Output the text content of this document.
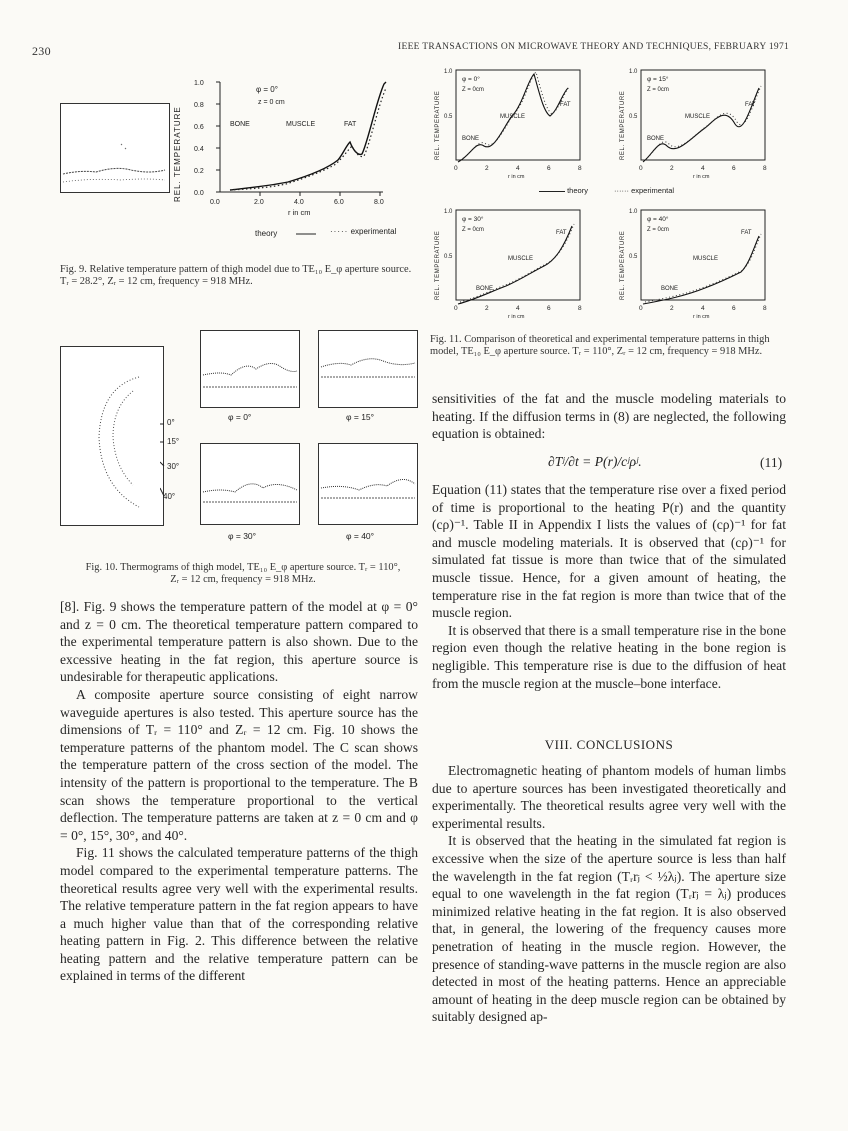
230	IEEE TRANSACTIONS ON MICROWAVE THEORY AND TECHNIQUES, FEBRUARY 1971
REL. TEMPERATURE
1.0
0.8
0.6
0.4
0.2
0.0
0.0	2.0	4.0	6.0	8.0
r in cm
φ = 0°
z = 0 cm
BONE	MUSCLE	FAT
theory	····· experimental
Fig. 9. Relative temperature pattern of thigh model due to TE₁₀ E_φ aperture source. Tᵣ = 28.2°, Zᵣ = 12 cm, frequency = 918 MHz.
0°
15°
30°
40°
φ = 0°	φ = 15°
φ = 30°	φ = 40°
Fig. 10. Thermograms of thigh model, TE₁₀ E_φ aperture source. Tᵣ = 110°, Zᵣ = 12 cm, frequency = 918 MHz.
REL. TEMPERATURE
1.0
0.5
0	2	4	6	8
r in cm
φ = 0°
Z = 0cm
MUSCLE
FAT
BONE	REL. TEMPERATURE
1.0
0.5
0	2	4	6	8
r in cm
φ = 15°
Z = 0cm
MUSCLE
FAT
BONE
REL. TEMPERATURE
1.0
0.5
0	2	4	6	8
r in cm
φ = 30°
Z = 0cm
MUSCLE
FAT
BONE	REL. TEMPERATURE
1.0
0.5
0	2	4	6	8
r in cm
φ = 40°
Z = 0cm
MUSCLE
FAT
BONE
theory	······ experimental
Fig. 11. Comparison of theoretical and experimental temperature patterns in thigh model, TE₁₀ E_φ aperture source. Tᵣ = 110°, Zᵣ = 12 cm, frequency = 918 MHz.

[8]. Fig. 9 shows the temperature pattern of the model at φ = 0° and z = 0 cm. The theoretical temperature pattern compared to the experimental temperature pattern is also shown. Due to the excessive heating in the fat region, this aperture source is undesirable for therapeutic applications.

A composite aperture source consisting of eight narrow waveguide apertures is also tested. This aperture source has the dimensions of Tᵣ = 110° and Zᵣ = 12 cm. Fig. 10 shows the temperature patterns of the phantom model. The C scan shows the temperature pattern of the cross section of the model. The intensity of the pattern is proportional to the temperature. The B scan shows the temperature proportional to the vertical deflection. The temperature patterns are taken at z = 0 cm and φ = 0°, 15°, 30°, and 40°.

Fig. 11 shows the calculated temperature patterns of the thigh model compared to the experimental temperature patterns. The theoretical results agree very well with the experimental results. The relative temperature pattern in the fat region appears to have a much higher value than that of the corresponding relative heating pattern in Fig. 2. This difference between the relative heating pattern and the relative temperature pattern can be explained in terms of the different

sensitivities of the fat and the muscle modeling materials to heating. If the diffusion terms in (8) are neglected, the following equation is obtained:

∂Tʲ/∂t = P(r)/cʲρʲ.	(11)

Equation (11) states that the temperature rise over a fixed period of time is proportional to the heating P(r) and the quantity (cρ)⁻¹. Table II in Appendix I lists the values of (cρ)⁻¹ for fat and muscle modeling materials. It is observed that (cρ)⁻¹ for simulated fat tissue is more than twice that of the simulated muscle tissue. Hence, for a given amount of heating, the temperature rise in the fat region is more than twice that of the muscle region.

It is observed that there is a small temperature rise in the bone region even though the relative heating in the bone region is negligible. This temperature rise is due to the diffusion of heat from the muscle region at the muscle–bone interface.

VIII. CONCLUSIONS

Electromagnetic heating of phantom models of human limbs due to aperture sources has been investigated theoretically and experimentally. The theoretical results agree very well with the experimental results.

It is observed that the heating in the simulated fat region is excessive when the size of the aperture source is less than half the wavelength in the fat region (Tᵣrⱼ < ½λⱼ). The aperture size equal to one wavelength in the fat region (Tᵣrⱼ = λⱼ) produces minimized relative heating in the fat region. It is also observed that, in general, the lowering of the frequency causes more penetration of heating in the muscle region. However, the presence of standing-wave patterns in the muscle region are also detected in most of the heating patterns. Hence an appreciable amount of heating in the deep muscle region can be obtained by suitably designed ap-
